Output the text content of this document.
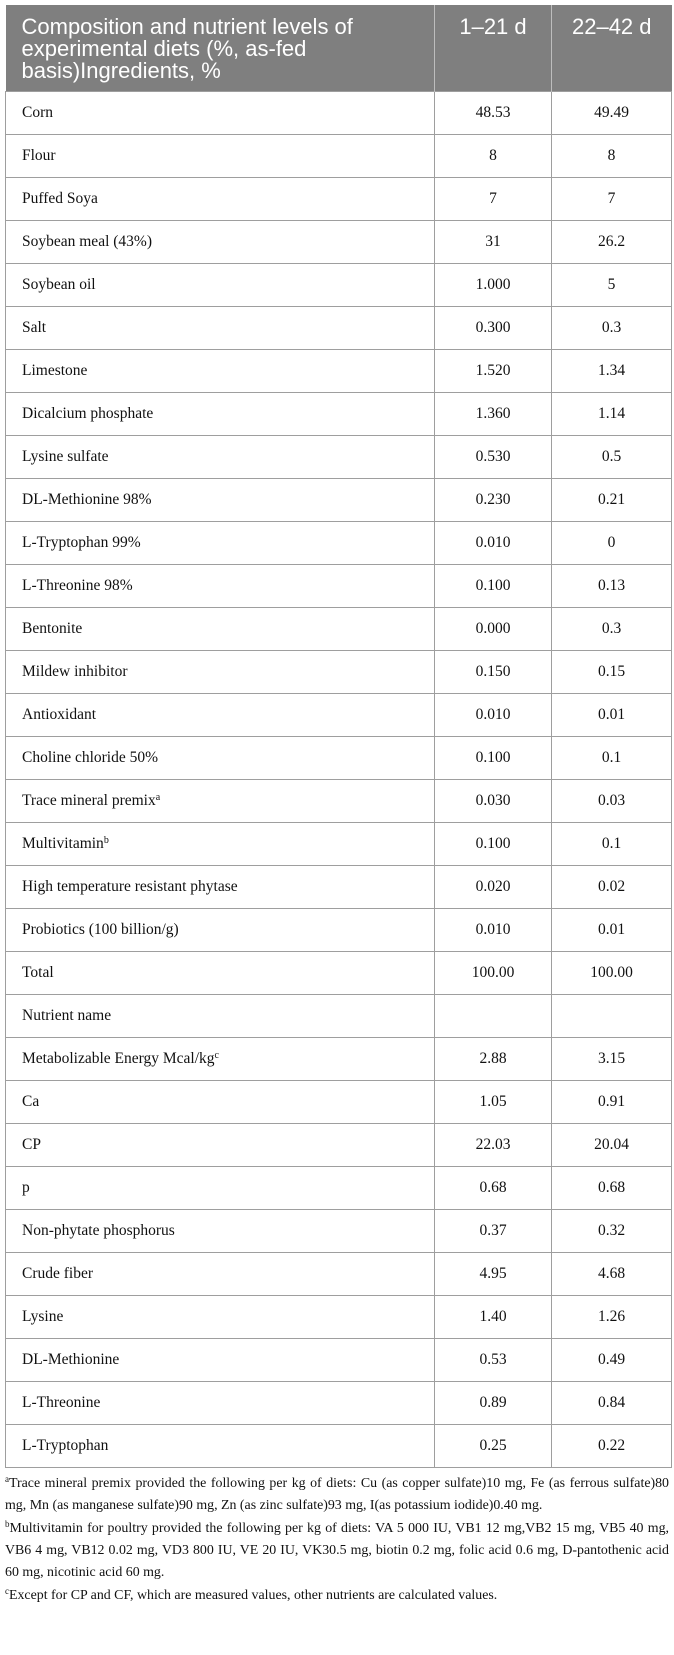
Composition and nutrient levels of experimental diets (%, as-fed basis)Ingredients, %	1–21 d	22–42 d
Corn	48.53	49.49
Flour	8	8
Puffed Soya	7	7
Soybean meal (43%)	31	26.2
Soybean oil	1.000	5
Salt	0.300	0.3
Limestone	1.520	1.34
Dicalcium phosphate	1.360	1.14
Lysine sulfate	0.530	0.5
DL-Methionine 98%	0.230	0.21
L-Tryptophan 99%	0.010	0
L-Threonine 98%	0.100	0.13
Bentonite	0.000	0.3
Mildew inhibitor	0.150	0.15
Antioxidant	0.010	0.01
Choline chloride 50%	0.100	0.1
Trace mineral premix$^a$	0.030	0.03
Multivitamin$^b$	0.100	0.1
High temperature resistant phytase	0.020	0.02
Probiotics (100 billion/g)	0.010	0.01
Total	100.00	100.00
Nutrient name		
Metabolizable Energy Mcal/$kg^c$	2.88	3.15
Ca	1.05	0.91
CP	22.03	20.04
p	0.68	0.68
Non-phytate phosphorus	0.37	0.32
Crude fiber	4.95	4.68
Lysine	1.40	1.26
DL-Methionine	0.53	0.49
L-Threonine	0.89	0.84
L-Tryptophan	0.25	0.22

$^a$Trace mineral premix provided the following per kg of diets: Cu (as copper sulfate)10 mg, Fe (as ferrous sulfate)80 mg, Mn (as manganese sulfate)90 mg, Zn (as zinc sulfate)93 mg, I(as potassium iodide)0.40 mg.

$^b$Multivitamin for poultry provided the following per kg of diets: VA 5 000 IU, VB1 12 mg,VB2 15 mg, VB5 40 mg, VB6 4 mg, VB12 0.02 mg, VD3 800 IU, VE 20 IU, VK30.5 mg, biotin 0.2 mg, folic acid 0.6 mg, D-pantothenic acid 60 mg, nicotinic acid 60 mg.

$^c$Except for CP and CF, which are measured values, other nutrients are calculated values.
